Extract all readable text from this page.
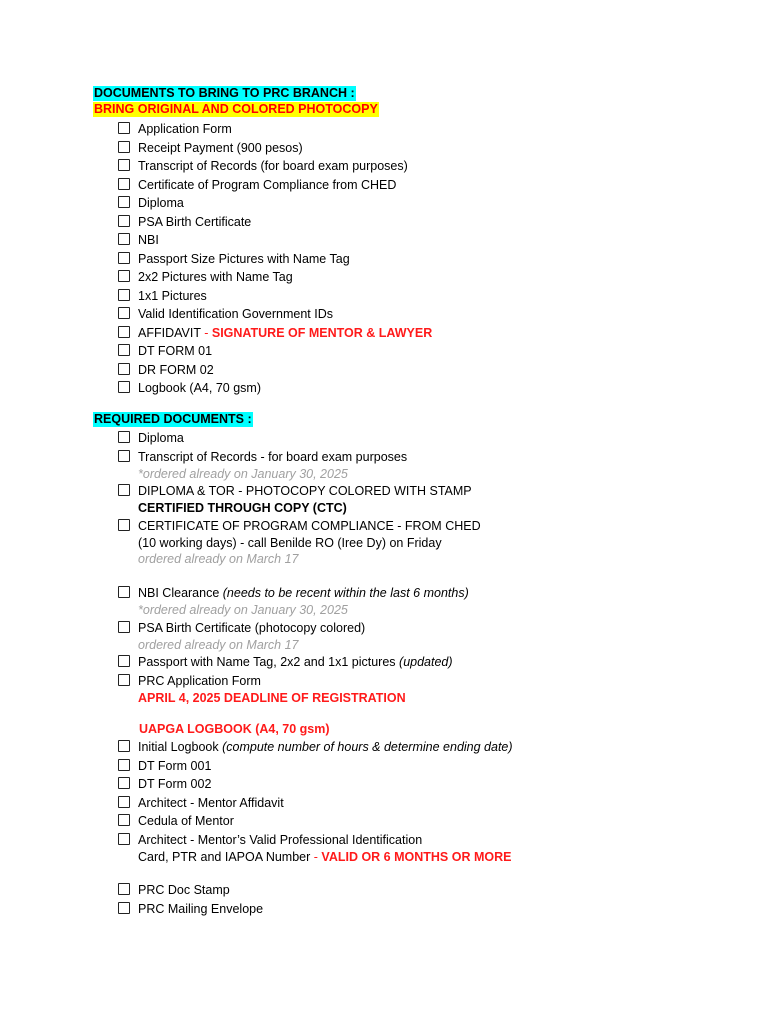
DOCUMENTS TO BRING TO PRC BRANCH :
BRING ORIGINAL AND COLORED PHOTOCOPY
Application Form
Receipt Payment (900 pesos)
Transcript of Records (for board exam purposes)
Certificate of Program Compliance from CHED
Diploma
PSA Birth Certificate
NBI
Passport Size Pictures with Name Tag
2x2 Pictures with Name Tag
1x1 Pictures
Valid Identification Government IDs
AFFIDAVIT - SIGNATURE OF MENTOR & LAWYER
DT FORM 01
DR FORM 02
Logbook (A4, 70 gsm)
REQUIRED DOCUMENTS :
Diploma
Transcript of Records - for board exam purposes
*ordered already on January 30, 2025
DIPLOMA & TOR - PHOTOCOPY COLORED WITH STAMP
CERTIFIED THROUGH COPY (CTC)
CERTIFICATE OF PROGRAM COMPLIANCE - FROM CHED
(10 working days) - call Benilde RO (Iree Dy) on Friday
ordered already on March 17
NBI Clearance (needs to be recent within the last 6 months)
*ordered already on January 30, 2025
PSA Birth Certificate (photocopy colored)
ordered already on March 17
Passport with Name Tag, 2x2 and 1x1 pictures (updated)
PRC Application Form
APRIL 4, 2025 DEADLINE OF REGISTRATION
UAPGA LOGBOOK (A4, 70 gsm)
Initial Logbook (compute number of hours & determine ending date)
DT Form 001
DT Form 002
Architect - Mentor Affidavit
Cedula of Mentor
Architect - Mentor’s Valid Professional Identification
Card, PTR and IAPOA Number - VALID OR 6 MONTHS OR MORE
PRC Doc Stamp
PRC Mailing Envelope
